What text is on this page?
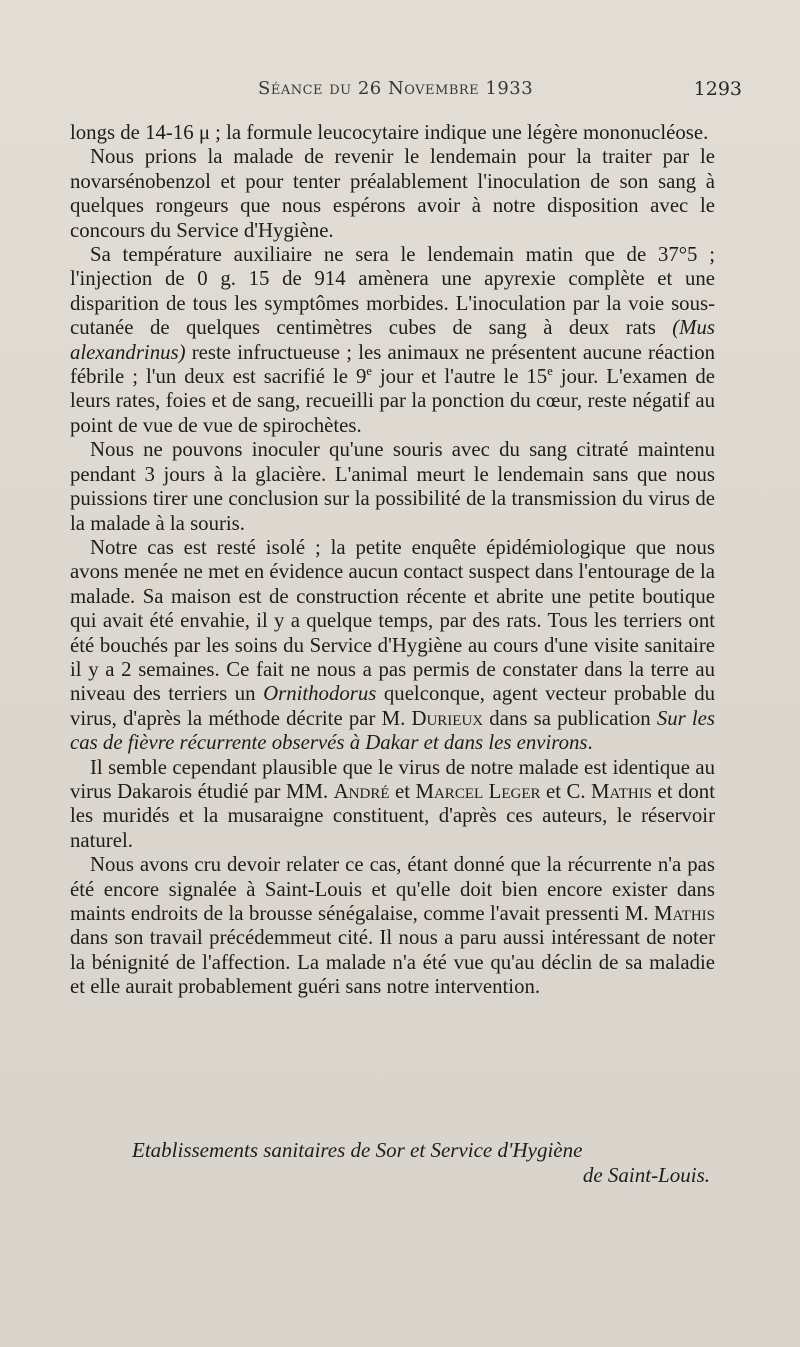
Séance du 26 Novembre 1933	1293

longs de 14-16 μ ; la formule leucocytaire indique une légère mononucléose.

Nous prions la malade de revenir le lendemain pour la traiter par le novarsénobenzol et pour tenter préalablement l'inoculation de son sang à quelques rongeurs que nous espérons avoir à notre disposition avec le concours du Service d'Hygiène.

Sa température auxiliaire ne sera le lendemain matin que de 37°5 ; l'injection de 0 g. 15 de 914 amènera une apyrexie complète et une disparition de tous les symptômes morbides. L'inoculation par la voie sous-cutanée de quelques centimètres cubes de sang à deux rats (Mus alexandrinus) reste infructueuse ; les animaux ne présentent aucune réaction fébrile ; l'un deux est sacrifié le 9e jour et l'autre le 15e jour. L'examen de leurs rates, foies et de sang, recueilli par la ponction du cœur, reste négatif au point de vue de vue de spirochètes.

Nous ne pouvons inoculer qu'une souris avec du sang citraté maintenu pendant 3 jours à la glacière. L'animal meurt le lendemain sans que nous puissions tirer une conclusion sur la possibilité de la transmission du virus de la malade à la souris.

Notre cas est resté isolé ; la petite enquête épidémiologique que nous avons menée ne met en évidence aucun contact suspect dans l'entourage de la malade. Sa maison est de construction récente et abrite une petite boutique qui avait été envahie, il y a quelque temps, par des rats. Tous les terriers ont été bouchés par les soins du Service d'Hygiène au cours d'une visite sanitaire il y a 2 semaines. Ce fait ne nous a pas permis de constater dans la terre au niveau des terriers un Ornithodorus quelconque, agent vecteur probable du virus, d'après la méthode décrite par M. Durieux dans sa publication Sur les cas de fièvre récurrente observés à Dakar et dans les environs.

Il semble cependant plausible que le virus de notre malade est identique au virus Dakarois étudié par MM. André et Marcel Leger et C. Mathis et dont les muridés et la musaraigne constituent, d'après ces auteurs, le réservoir naturel.

Nous avons cru devoir relater ce cas, étant donné que la récurrente n'a pas été encore signalée à Saint-Louis et qu'elle doit bien encore exister dans maints endroits de la brousse sénégalaise, comme l'avait pressenti M. Mathis dans son travail précédemmeut cité. Il nous a paru aussi intéressant de noter la bénignité de l'affection. La malade n'a été vue qu'au déclin de sa maladie et elle aurait probablement guéri sans notre intervention.

Etablissements sanitaires de Sor et Service d'Hygiène
de Saint-Louis.
